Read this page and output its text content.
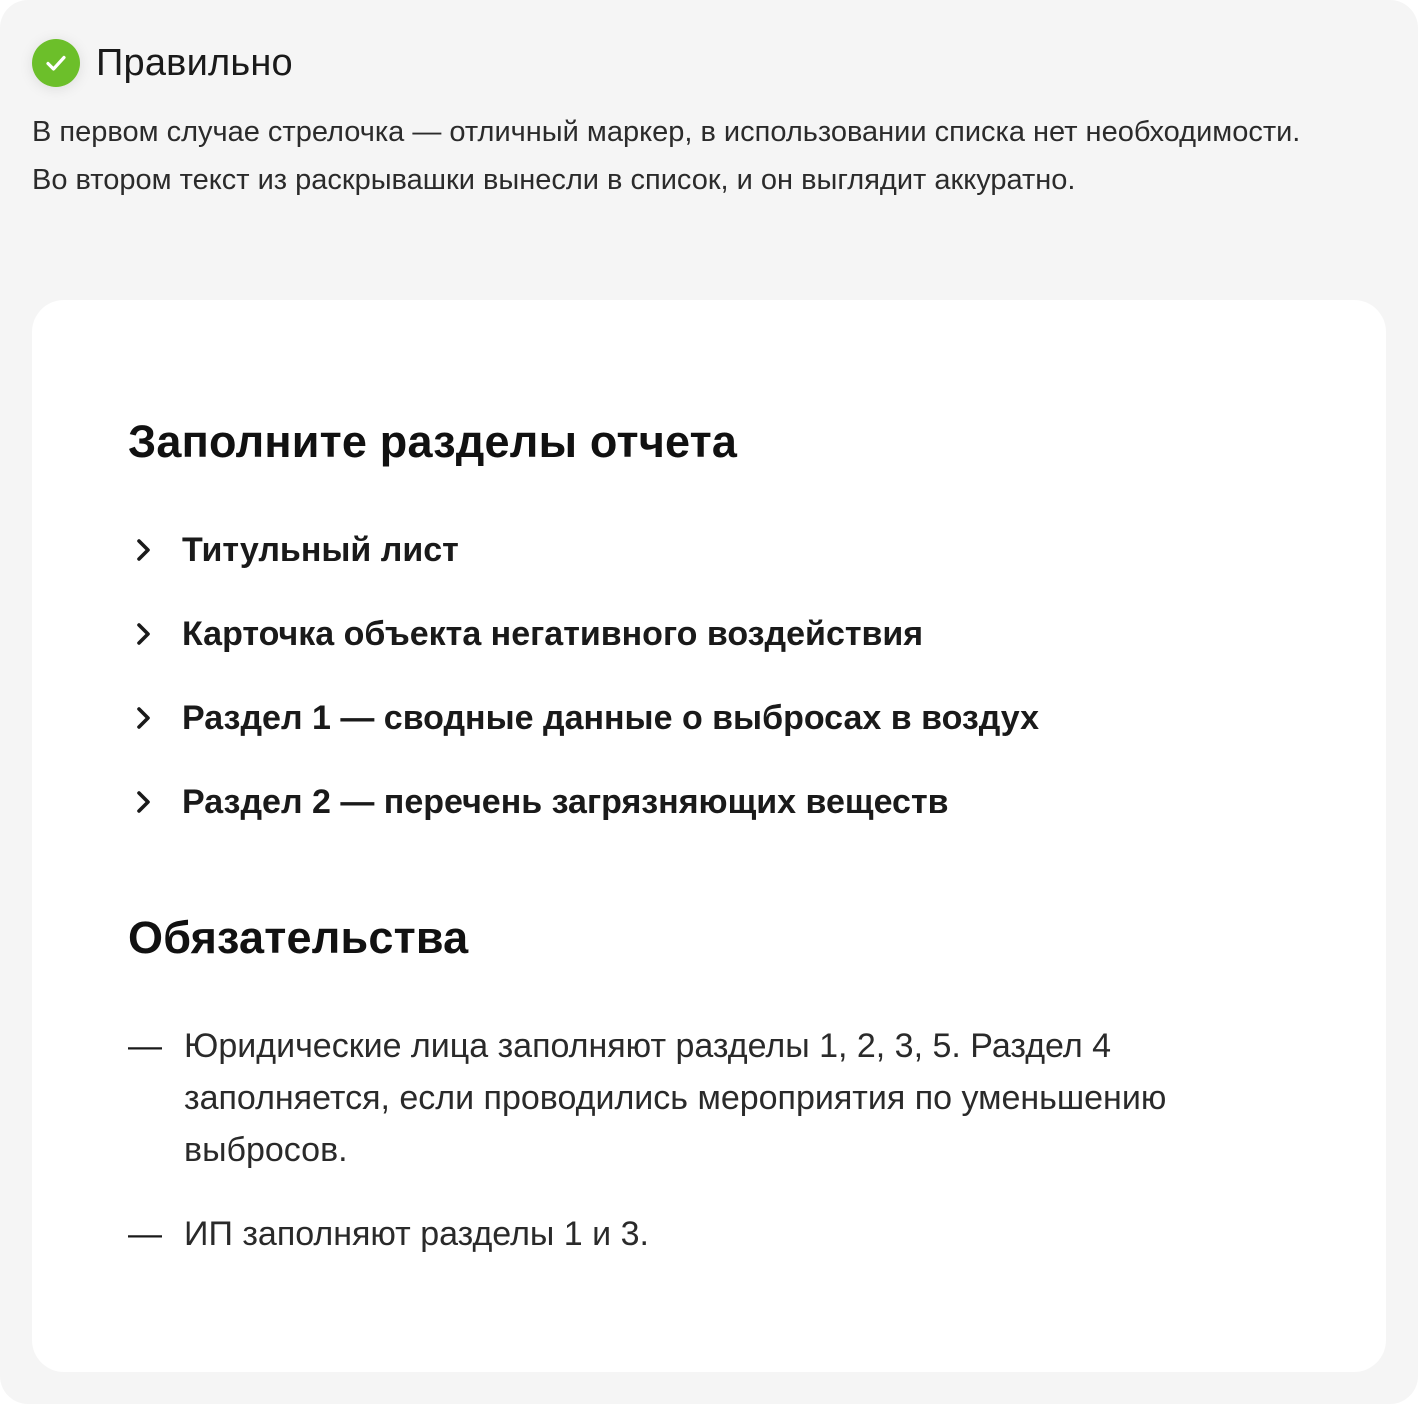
Правильно
В первом случае стрелочка — отличный маркер, в использовании списка нет необходимости. Во втором текст из раскрывашки вынесли в список, и он выглядит аккуратно.
Заполните разделы отчета
Титульный лист
Карточка объекта негативного воздействия
Раздел 1 — сводные данные о выбросах в воздух
Раздел 2 — перечень загрязняющих веществ
Обязательства
— Юридические лица заполняют разделы 1, 2, 3, 5. Раздел 4 заполняется, если проводились мероприятия по уменьшению выбросов.
— ИП заполняют разделы 1 и 3.
